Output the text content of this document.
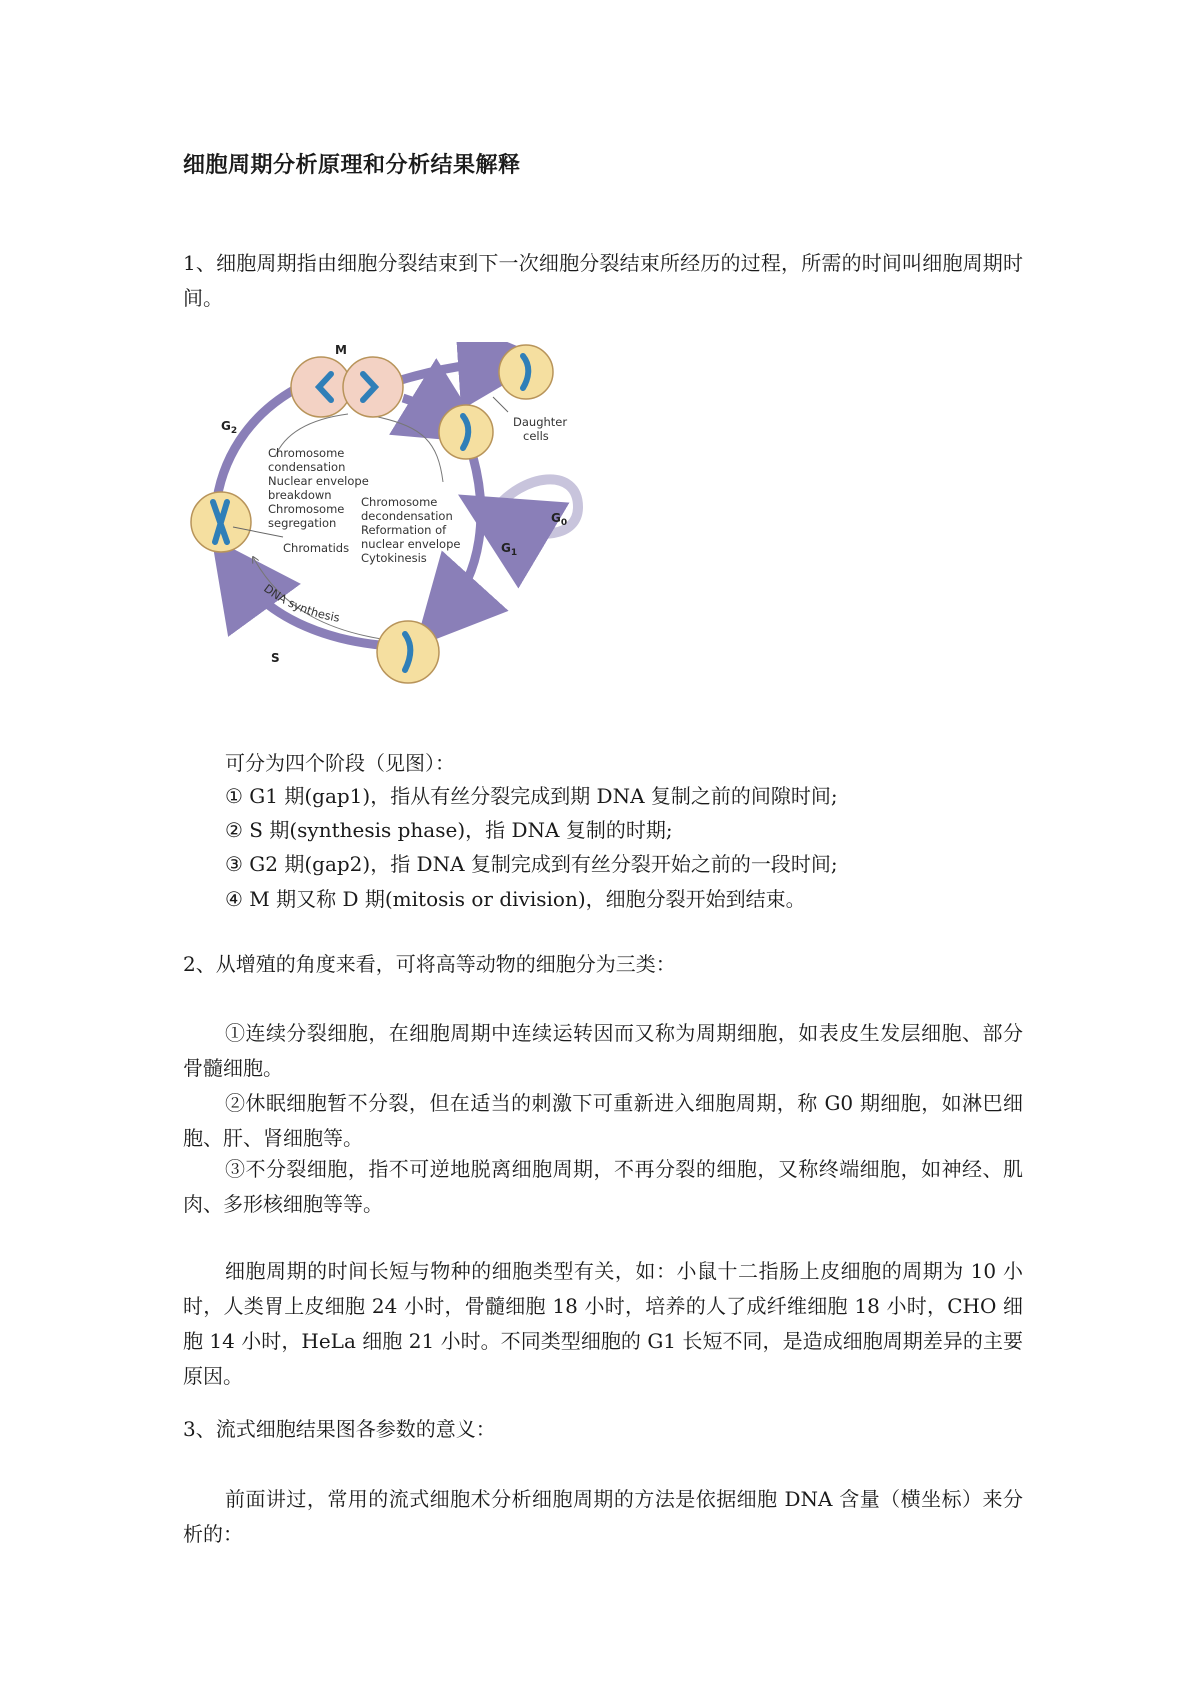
细胞周期分析原理和分析结果解释

1、细胞周期指由细胞分裂结束到下一次细胞分裂结束所经历的过程，所需的时间叫细胞周期时间。

M
Daughter cells
$G_2$
$G_1$
$G_0$
S
Chromosome condensation Nuclear envelope breakdown Chromosome segregation
Chromatids
Chromosome decondensation Reformation of nuclear envelope Cytokinesis
DNA synthesis

可分为四个阶段（见图）：

① G1 期(gap1)，指从有丝分裂完成到期 DNA 复制之前的间隙时间;

② S 期(synthesis phase)，指 DNA 复制的时期;

③ G2 期(gap2)，指 DNA 复制完成到有丝分裂开始之前的一段时间;

④ M 期又称 D 期(mitosis or division)，细胞分裂开始到结束。

2、从增殖的角度来看，可将高等动物的细胞分为三类：

①连续分裂细胞，在细胞周期中连续运转因而又称为周期细胞，如表皮生发层细胞、部分骨髓细胞。

②休眠细胞暂不分裂，但在适当的刺激下可重新进入细胞周期，称 G0 期细胞，如淋巴细胞、肝、肾细胞等。

③不分裂细胞，指不可逆地脱离细胞周期，不再分裂的细胞，又称终端细胞，如神经、肌肉、多形核细胞等等。

细胞周期的时间长短与物种的细胞类型有关，如：小鼠十二指肠上皮细胞的周期为 10 小时，人类胃上皮细胞 24 小时，骨髓细胞 18 小时，培养的人了成纤维细胞 18 小时，CHO 细胞 14 小时，HeLa 细胞 21 小时。不同类型细胞的 G1 长短不同，是造成细胞周期差异的主要原因。

3、流式细胞结果图各参数的意义：

前面讲过，常用的流式细胞术分析细胞周期的方法是依据细胞 DNA 含量（横坐标）来分析的：
